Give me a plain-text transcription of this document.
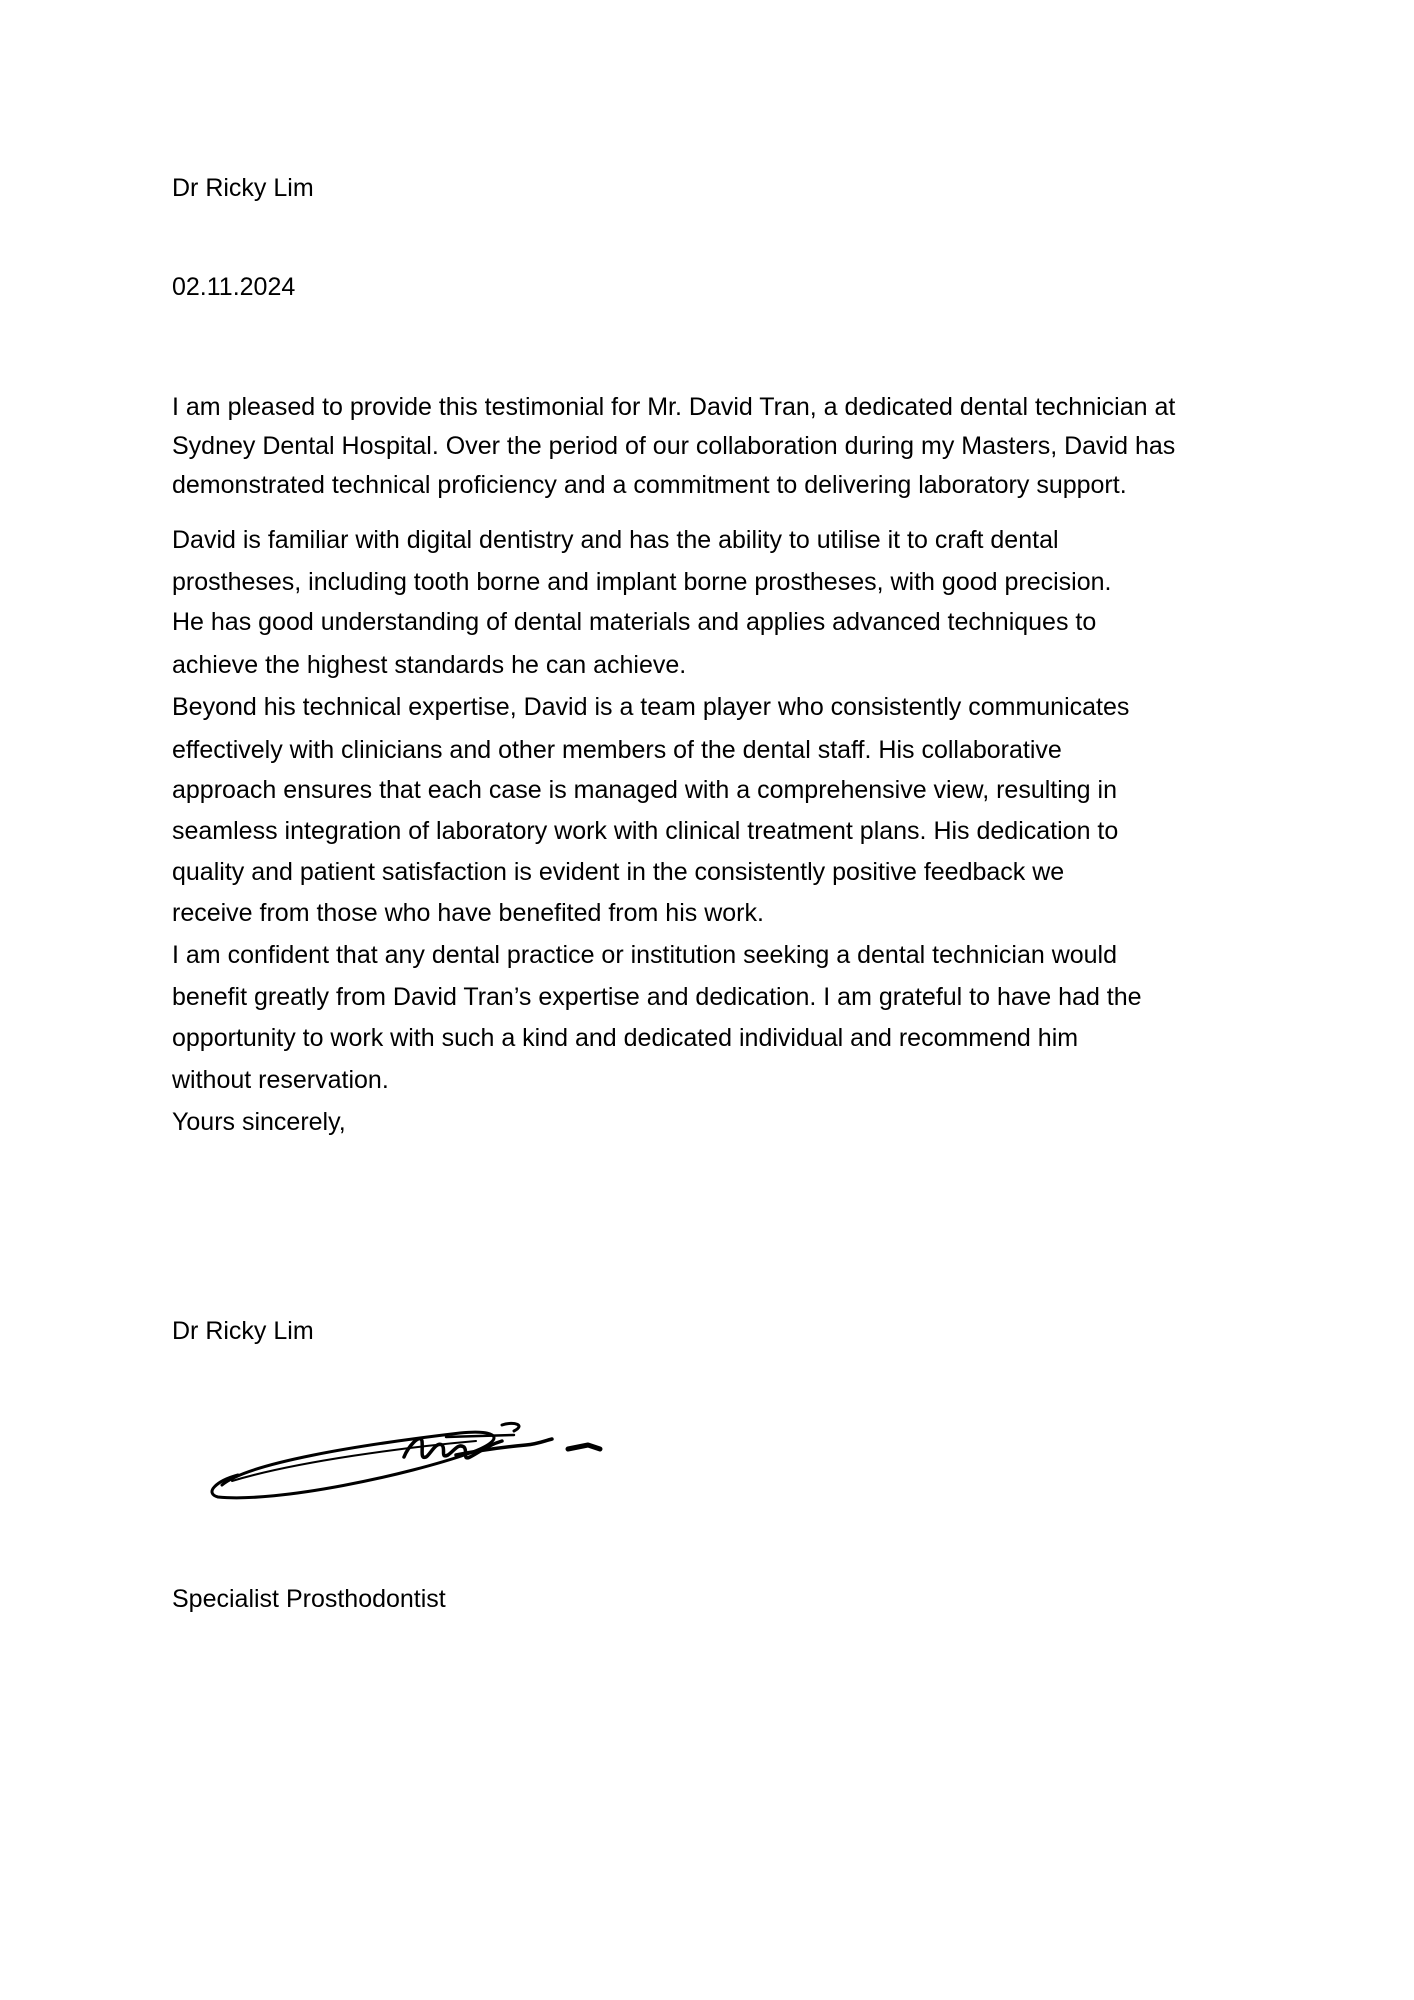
Dr Ricky Lim

02.11.2024

I am pleased to provide this testimonial for Mr. David Tran, a dedicated dental technician at

Sydney Dental Hospital. Over the period of our collaboration during my Masters, David has

demonstrated technical proficiency and a commitment to delivering laboratory support.

David is familiar with digital dentistry and has the ability to utilise it to craft dental

prostheses, including tooth borne and implant borne prostheses, with good precision.

He has good understanding of dental materials and applies advanced techniques to

achieve the highest standards he can achieve.

Beyond his technical expertise, David is a team player who consistently communicates

effectively with clinicians and other members of the dental staff. His collaborative

approach ensures that each case is managed with a comprehensive view, resulting in

seamless integration of laboratory work with clinical treatment plans. His dedication to

quality and patient satisfaction is evident in the consistently positive feedback we

receive from those who have benefited from his work.

I am confident that any dental practice or institution seeking a dental technician would

benefit greatly from David Tran’s expertise and dedication. I am grateful to have had the

opportunity to work with such a kind and dedicated individual and recommend him

without reservation.

Yours sincerely,

Dr Ricky Lim

Specialist Prosthodontist
